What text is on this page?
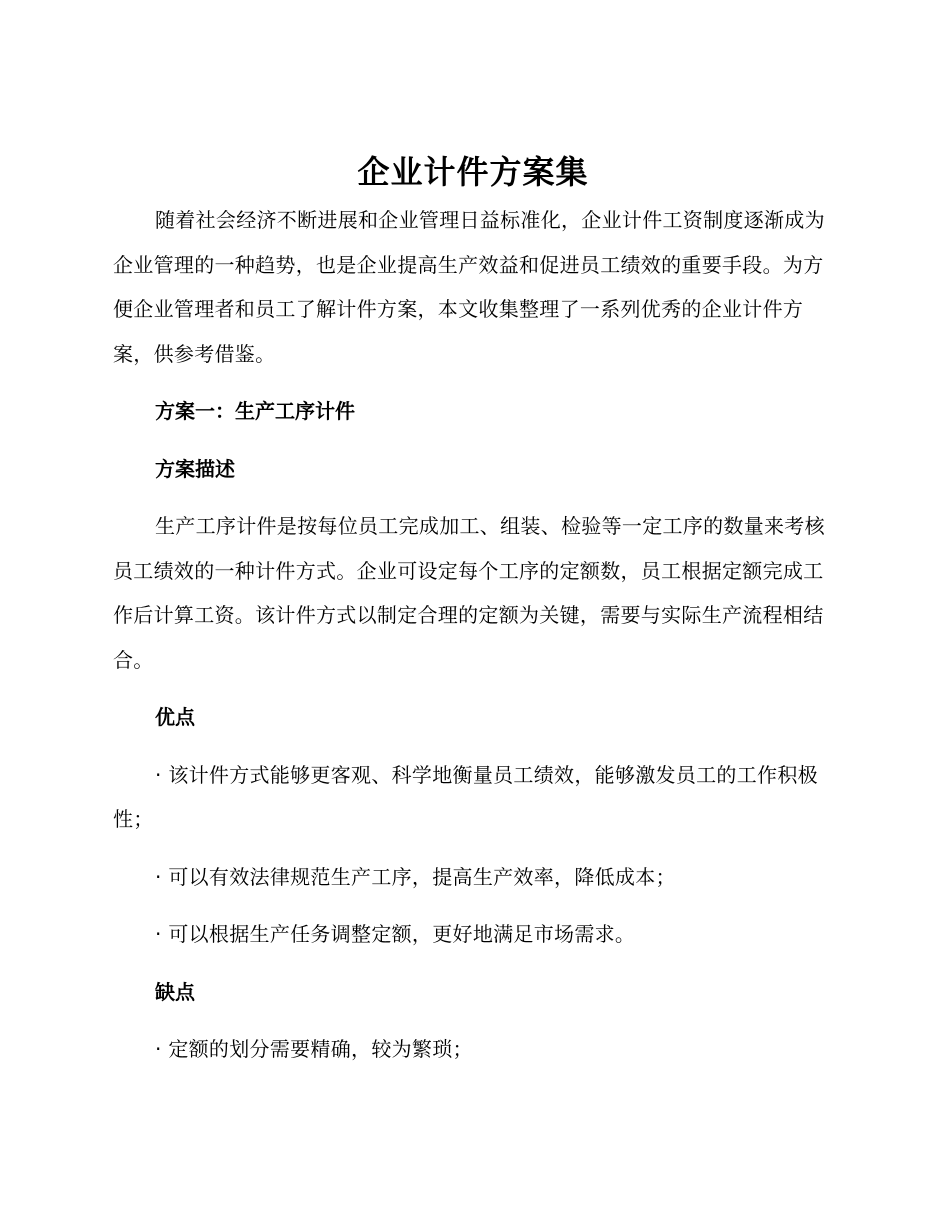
企业计件方案集

随着社会经济不断进展和企业管理日益标准化，企业计件工资制度逐渐成为企业管理的一种趋势，也是企业提高生产效益和促进员工绩效的重要手段。为方便企业管理者和员工了解计件方案，本文收集整理了一系列优秀的企业计件方案，供参考借鉴。

方案一：生产工序计件

方案描述

生产工序计件是按每位员工完成加工、组装、检验等一定工序的数量来考核员工绩效的一种计件方式。企业可设定每个工序的定额数，员工根据定额完成工作后计算工资。该计件方式以制定合理的定额为关键，需要与实际生产流程相结合。

优点

· 该计件方式能够更客观、科学地衡量员工绩效，能够激发员工的工作积极性；

· 可以有效法律规范生产工序，提高生产效率，降低成本；

· 可以根据生产任务调整定额，更好地满足市场需求。

缺点

· 定额的划分需要精确，较为繁琐；
